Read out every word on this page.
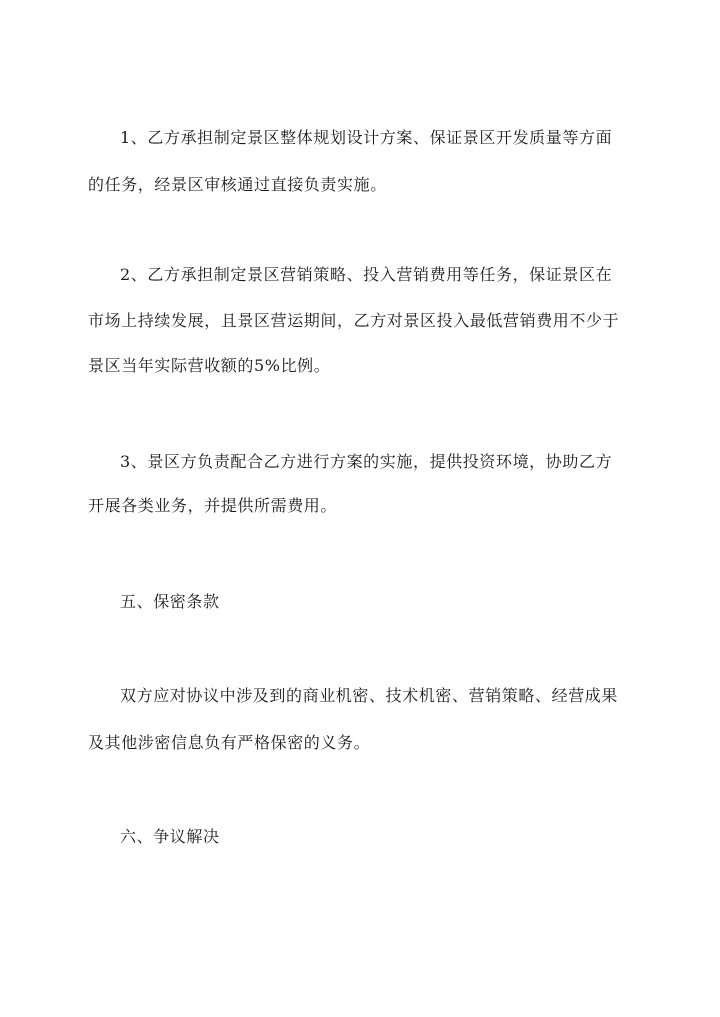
1、乙方承担制定景区整体规划设计方案、保证景区开发质量等方面
的任务，经景区审核通过直接负责实施。
2、乙方承担制定景区营销策略、投入营销费用等任务，保证景区在
市场上持续发展，且景区营运期间，乙方对景区投入最低营销费用不少于
景区当年实际营收额的5%比例。
3、景区方负责配合乙方进行方案的实施，提供投资环境，协助乙方
开展各类业务，并提供所需费用。
五、保密条款
双方应对协议中涉及到的商业机密、技术机密、营销策略、经营成果
及其他涉密信息负有严格保密的义务。
六、争议解决
